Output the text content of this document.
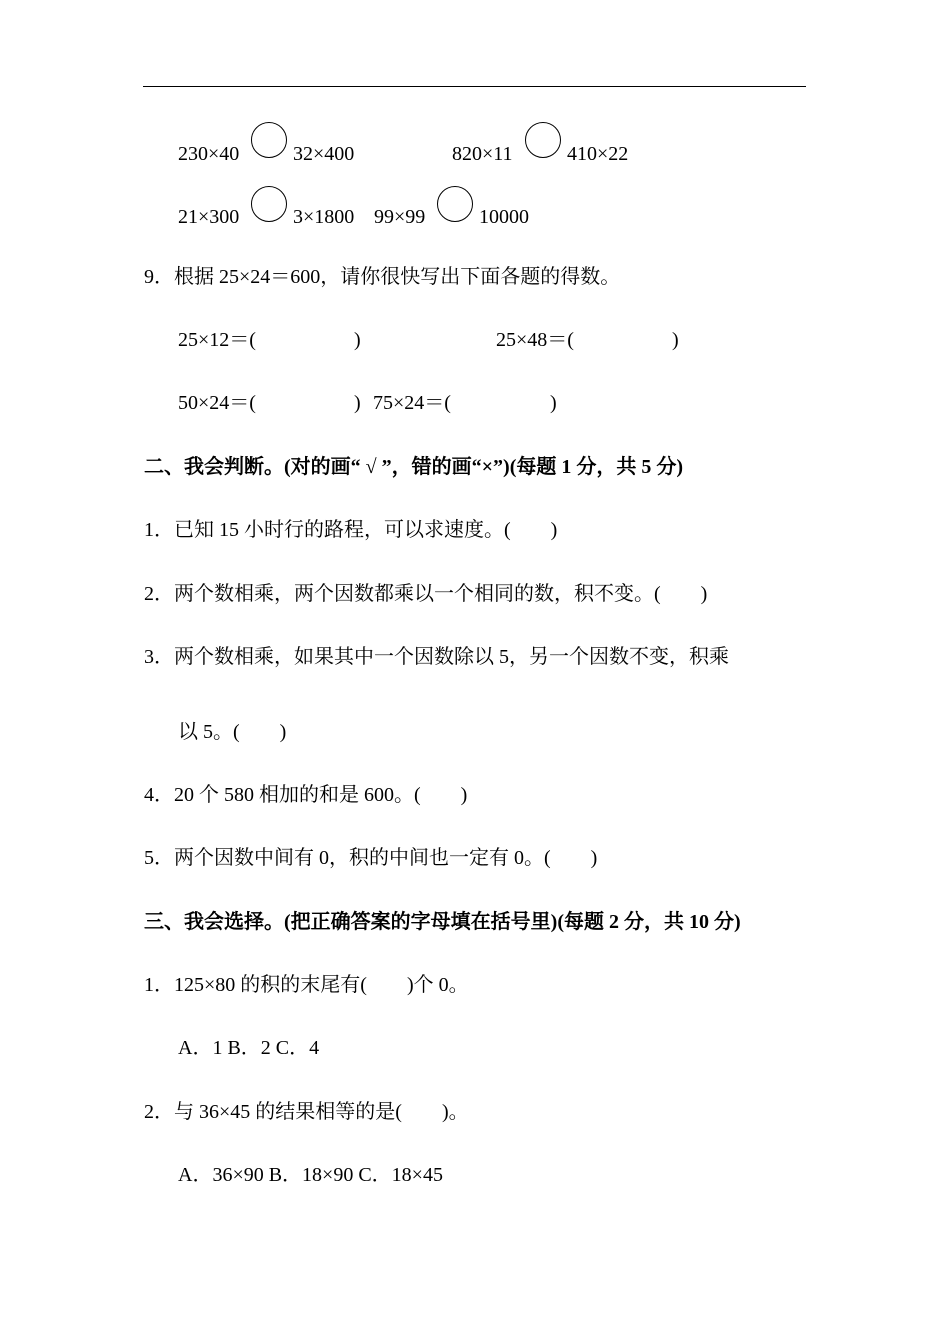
230×40	32×400	820×11	410×22
21×300	3×1800 99×99	10000
9．根据 25×24＝600，请你很快写出下面各题的得数。
25×12＝(	)	25×48＝(	)
50×24＝(	) 75×24＝(	)
二、我会判断。(对的画“ √ ”，错的画“×”)(每题 1 分，共 5 分)
1．已知 15 小时行的路程，可以求速度。(　　)
2．两个数相乘，两个因数都乘以一个相同的数，积不变。(　　)
3．两个数相乘，如果其中一个因数除以 5，另一个因数不变，积乘
以 5。(　　)
4．20 个 580 相加的和是 600。(　　)
5．两个因数中间有 0，积的中间也一定有 0。(　　)
三、我会选择。(把正确答案的字母填在括号里)(每题 2 分，共 10 分)
1．125×80 的积的末尾有(　　)个 0。
A．1 B．2 C．4
2．与 36×45 的结果相等的是(　　)。
A．36×90 B．18×90 C．18×45
